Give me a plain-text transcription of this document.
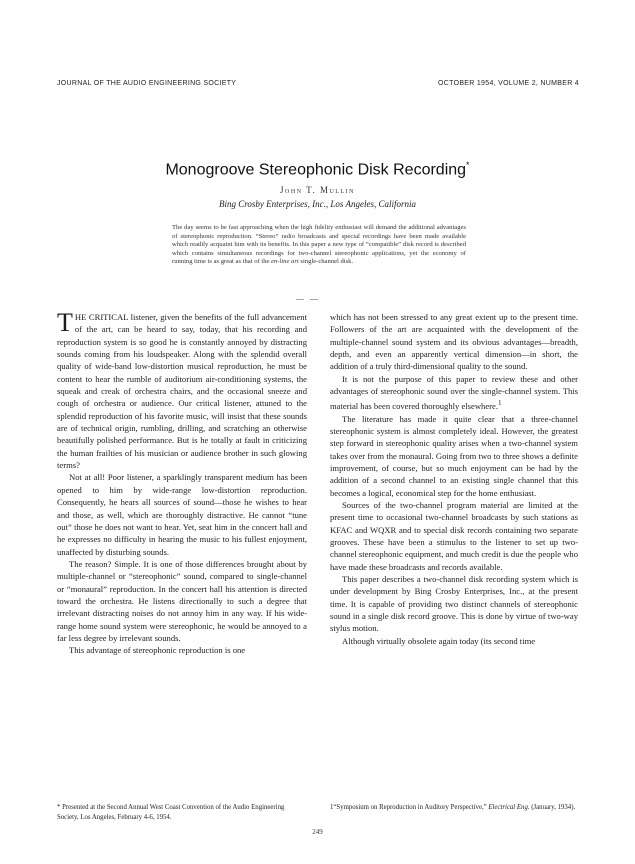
JOURNAL OF THE AUDIO ENGINEERING SOCIETY	OCTOBER 1954, VOLUME 2, NUMBER 4
Monogroove Stereophonic Disk Recording*
John T. Mullin
Bing Crosby Enterprises, Inc., Los Angeles, California
The day seems to be fast approaching when the high fidelity enthusiast will demand the additional advantages of stereophonic reproduction. “Stereo” radio broadcasts and special recordings have been made available which readily acquaint him with its benefits. In this paper a new type of “compatible” disk record is described which contains simultaneous recordings for two-channel stereophonic applications, yet the economy of running time is as great as that of the en-line art single-channel disk.
— —

THE CRITICAL listener, given the benefits of the full advancement of the art, can be heard to say, today, that his recording and reproduction system is so good he is constantly annoyed by distracting sounds coming from his loudspeaker. Along with the splendid overall quality of wide-band low-distortion musical reproduction, he must be content to hear the rumble of auditorium air-conditioning systems, the squeak and creak of orchestra chairs, and the occasional sneeze and cough of orchestra or audience. Our critical listener, attuned to the splendid reproduction of his favorite music, will insist that these sounds are of technical origin, rumbling, drilling, and scratching an otherwise beautifully polished performance. But is he totally at fault in criticizing the human frailties of his musician or audience brother in such glowing terms?

Not at all! Poor listener, a sparklingly transparent medium has been opened to him by wide-range low-distortion reproduction. Consequently, he hears all sources of sound—those he wishes to hear and those, as well, which are thoroughly distractive. He cannot “tune out” those he does not want to hear. Yet, seat him in the concert hall and he expresses no difficulty in hearing the music to his fullest enjoyment, unaffected by disturbing sounds.

The reason? Simple. It is one of those differences brought about by multiple-channel or “stereophonic” sound, compared to single-channel or “monaural” reproduction. In the concert hall his attention is directed toward the orchestra. He listens directionally to such a degree that irrelevant distracting noises do not annoy him in any way. If his wide-range home sound system were stereophonic, he would be annoyed to a far less degree by irrelevant sounds.

This advantage of stereophonic reproduction is one

which has not been stressed to any great extent up to the present time. Followers of the art are acquainted with the development of the multiple-channel sound system and its obvious advantages—breadth, depth, and even an apparently vertical dimension—in short, the addition of a truly third-dimensional quality to the sound.

It is not the purpose of this paper to review these and other advantages of stereophonic sound over the single-channel system. This material has been covered thoroughly elsewhere.$^1$

The literature has made it quite clear that a three-channel stereophonic system is almost completely ideal. However, the greatest step forward in stereophonic quality arises when a two-channel system takes over from the monaural. Going from two to three shows a definite improvement, of course, but so much enjoyment can be had by the addition of a second channel to an existing single channel that this becomes a logical, economical step for the home enthusiast.

Sources of the two-channel program material are limited at the present time to occasional two-channel broadcasts by such stations as KFAC and WQXR and to special disk records containing two separate grooves. These have been a stimulus to the listener to set up two-channel stereophonic equipment, and much credit is due the people who have made these broadcasts and records available.

This paper describes a two-channel disk recording system which is under development by Bing Crosby Enterprises, Inc., at the present time. It is capable of providing two distinct channels of stereophonic sound in a single disk record groove. This is done by virtue of two-way stylus motion.

Although virtually obsolete again today (its second time

* Presented at the Second Annual West Coast Convention of the Audio Engineering Society, Los Angeles, February 4-6, 1954.
1“Symposium on Reproduction in Auditory Perspective,” Electrical Eng. (January, 1934).
249
